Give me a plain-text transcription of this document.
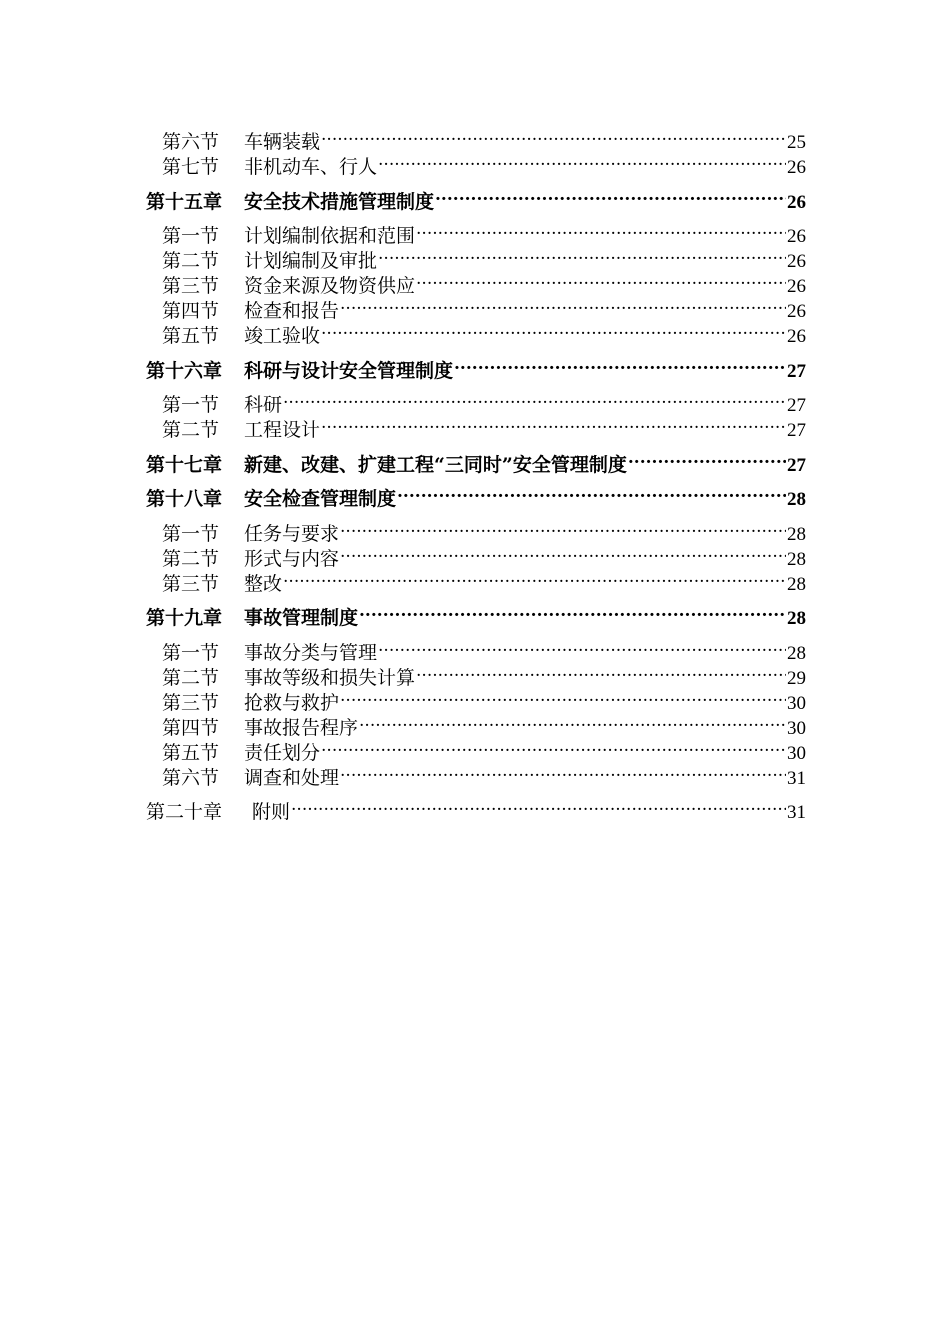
第六节	车辆装载 .....	25
第七节	非机动车、行人 .....	26
第十五章	安全技术措施管理制度 .....	26
第一节	计划编制依据和范围 .....	26
第二节	计划编制及审批 .....	26
第三节	资金来源及物资供应 .....	26
第四节	检查和报告 .....	26
第五节	竣工验收 .....	26
第十六章	科研与设计安全管理制度 .....	27
第一节	科研 .....	27
第二节	工程设计 .....	27
第十七章	新建、改建、扩建工程“三同时”安全管理制度 .....	27
第十八章	安全检查管理制度 .....	28
第一节	任务与要求 .....	28
第二节	形式与内容 .....	28
第三节	整改 .....	28
第十九章	事故管理制度 .....	28
第一节	事故分类与管理 .....	28
第二节	事故等级和损失计算 .....	29
第三节	抢救与救护 .....	30
第四节	事故报告程序 .....	30
第五节	责任划分 .....	30
第六节	调查和处理 .....	31
第二十章	附则 .....	31
